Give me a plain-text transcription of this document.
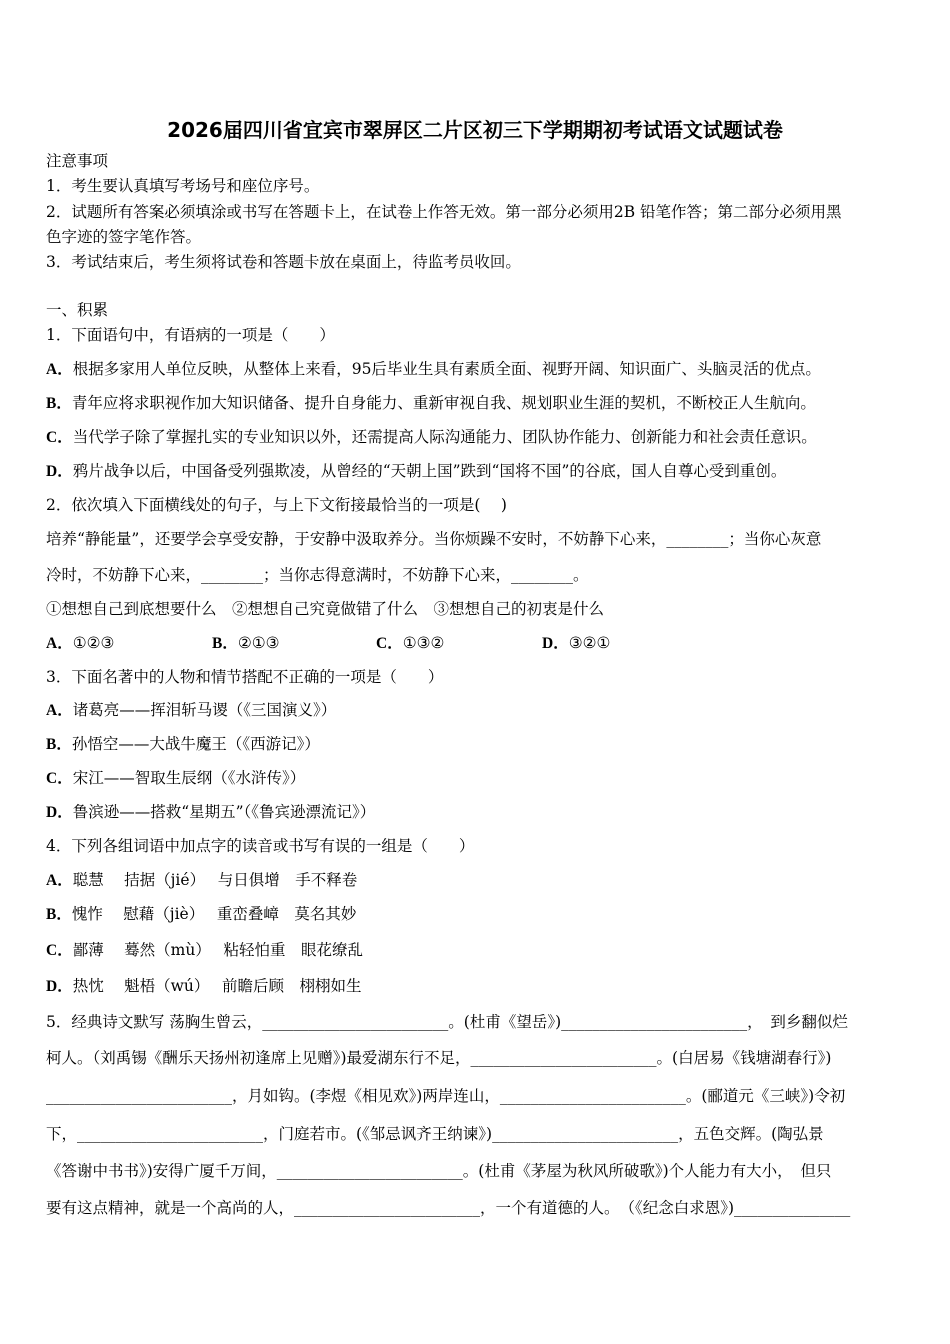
2026届四川省宜宾市翠屏区二片区初三下学期期初考试语文试题试卷
注意事项
1．考生要认真填写考场号和座位序号。
2．试题所有答案必须填涂或书写在答题卡上，在试卷上作答无效。第一部分必须用2B 铅笔作答；第二部分必须用黑
色字迹的签字笔作答。
3．考试结束后，考生须将试卷和答题卡放在桌面上，待监考员收回。
一、积累
1．下面语句中，有语病的一项是（　　）
A．根据多家用人单位反映，从整体上来看，95后毕业生具有素质全面、视野开阔、知识面广、头脑灵活的优点。
B．青年应将求职视作加大知识储备、提升自身能力、重新审视自我、规划职业生涯的契机，不断校正人生航向。
C．当代学子除了掌握扎实的专业知识以外，还需提高人际沟通能力、团队协作能力、创新能力和社会责任意识。
D．鸦片战争以后，中国备受列强欺凌，从曾经的“天朝上国”跌到“国将不国”的谷底，国人自尊心受到重创。
2．依次填入下面横线处的句子，与上下文衔接最恰当的一项是(　 )
培养“静能量”，还要学会享受安静，于安静中汲取养分。当你烦躁不安时，不妨静下心来，________；当你心灰意
冷时，不妨静下心来，________；当你志得意满时，不妨静下心来，________。
①想想自己到底想要什么　②想想自己究竟做错了什么　③想想自己的初衷是什么
A．①②③	B．②①③	C．①③②	D．③②①
3．下面名著中的人物和情节搭配不正确的一项是（　　）
A．诸葛亮——挥泪斩马谡（《三国演义》）
B．孙悟空——大战牛魔王（《西游记》）
C．宋江——智取生辰纲（《水浒传》）
D．鲁滨逊——搭救“星期五”（《鲁宾逊漂流记》）
4．下列各组词语中加点字的读音或书写有误的一组是（　　）
A．聪慧　 拮据（jié）　 与日俱增　手不释卷
B．愧怍　 慰藉（jiè）　 重峦叠嶂　莫名其妙
C．鄙薄　 蓦然（mù）　 粘轻怕重　眼花缭乱
D．热忱　 魁梧（wú）　 前瞻后顾　栩栩如生
5．经典诗文默写 荡胸生曾云，________________________。(杜甫《望岳》)________________________，　到乡翻似烂
柯人。（刘禹锡《酬乐天扬州初逢席上见赠》)最爱湖东行不足，________________________。(白居易《钱塘湖春行》)
________________________，月如钩。(李煜《相见欢》)两岸连山，________________________。(郦道元《三峡》)令初
下，________________________，门庭若市。(《邹忌讽齐王纳谏》)________________________，五色交辉。(陶弘景
《答谢中书书》)安得广厦千万间，________________________。(杜甫《茅屋为秋风所破歌》)个人能力有大小，　但只
要有这点精神，就是一个高尚的人，________________________，一个有道德的人。　（《纪念白求恩》)_______________
